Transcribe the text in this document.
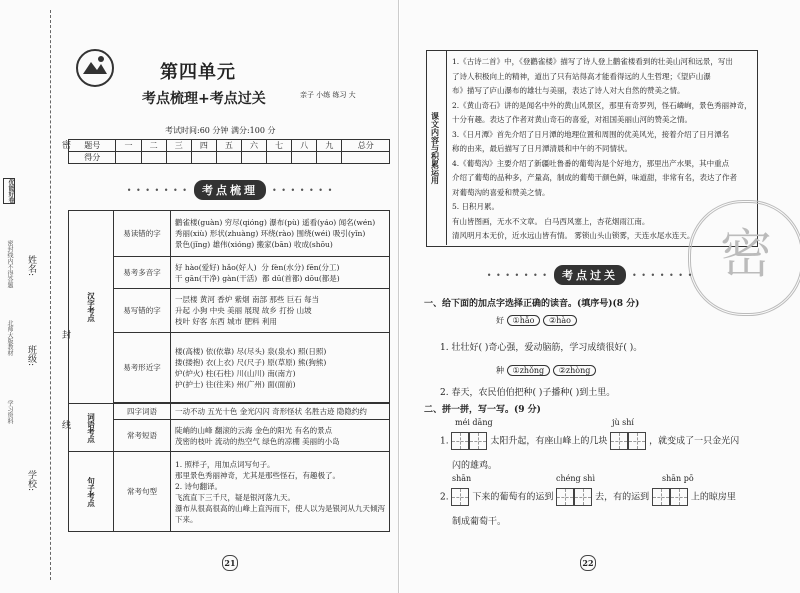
密封线内不得答题
北师大版教材
学习资料
优能好卷
学校:
班级:
姓名:
密
封
线
第四单元
考点梳理+考点过关	亲子 小练 练习 大
考试时间:60 分钟 满分:100 分
题号	一	二	三	四	五	六	七	八	九	总分
得分										
• • • • • • •	考点梳理	• • • • • • •
汉字考点	易读错的字	鹳雀楼(guàn) 穷尽(qióng) 瀑布(pù) 遥看(yáo) 闻名(wén)
秀丽(xiù) 形状(zhuàng) 环绕(rào) 围绕(wéi) 吸引(yǐn)
景色(jǐng) 雄伟(xióng) 搬家(bān) 收成(shōu)

	易考多音字	好 hào(爱好) hǎo(好人) 分 fèn(水分) fēn(分工)
干 gān(干净) gàn(干活) 都 dū(首都) dōu(都是)
	易写错的字	一层楼 黄河 香炉 紫烟 南部 那些 巨石 每当
升起 小狗 中央 美丽 展现 故乡 打扮 山坡
枝叶 好客 东西 城市 肥料 利用

	易考形近字	楼(高楼) 依(依靠) 尽(尽头) 泉(泉水) 照(日照)
搂(搂抱) 衣(上衣) 尺(尺子) 原(草原) 熊(狗熊)
炉(炉火) 柱(石柱) 川(山川) 南(南方)
护(护士) 往(往来) 州(广州) 面(面前)

词语考点	四字词语	一动不动 五光十色 金光闪闪 奇形怪状 名胜古迹 隐隐约约
	常考短语	陡峭的山峰 翻滚的云海 金色的阳光 有名的景点
茂密的枝叶 流动的热空气 绿色的凉棚 美丽的小岛

句子考点	常考句型	1. 照样子，用加点词写句子。
那里景色秀丽神奇，尤其是那些怪石，有趣极了。
2. 诗句翻译。
飞流直下三千尺，疑是银河落九天。
瀑布从很高很高的山峰上直泻而下，使人以为是银河从九天倾泻下来。
21
课文内容与积累运用
1.《古诗二首》中，《登鹳雀楼》描写了诗人登上鹳雀楼看到的壮美山河和远景，写出
了诗人积极向上的精神，道出了只有站得高才能看得远的人生哲理；《望庐山瀑
布》描写了庐山瀑布的雄壮与美丽，表达了诗人对大自然的赞美之情。
2.《黄山奇石》讲的是闻名中外的黄山风景区，那里有奇罗列，怪石嶙峋，景色秀丽神奇，
十分有趣。表达了作者对黄山奇石的喜爱，对祖国美丽山河的赞美之情。
3.《日月潭》首先介绍了日月潭的地理位置和周围的优美风光，接着介绍了日月潭名
称的由来，最后描写了日月潭清晨和中午的不同情状。
4.《葡萄沟》主要介绍了新疆吐鲁番的葡萄沟是个好地方，那里出产水果，其中重点
介绍了葡萄的品种多，产量高，制成的葡萄干颜色鲜，味道甜，非常有名，表达了作者
对葡萄沟的喜爱和赞美之情。
5. 日积月累。
有山皆图画，无水不文章。 白马西风塞上，杏花烟雨江南。
清风明月本无价，近水远山皆有情。 雾锁山头山锁雾，天连水尾水连天。 密
• • • • • • •	考点过关	• • • • • • •
一、给下面的加点字选择正确的读音。(填序号)(8 分)
好 ①hǎo ②hào
1. 壮壮好( )奇心强，爱动脑筋，学习成绩很好( )。
种 ①zhǒng ②zhòng
2. 春天，农民伯伯把种( )子播种( )到土里。
二、拼一拼，写一写。(9 分)
méi dāng	jù shí
1.	太阳升起，有座山峰上的几块	，就变成了一只金光闪
闪的雄鸡。
shān	chéng shì	shān pō
2.	下来的葡萄有的运到	去，有的运到	上的晾房里
制成葡萄干。
22
